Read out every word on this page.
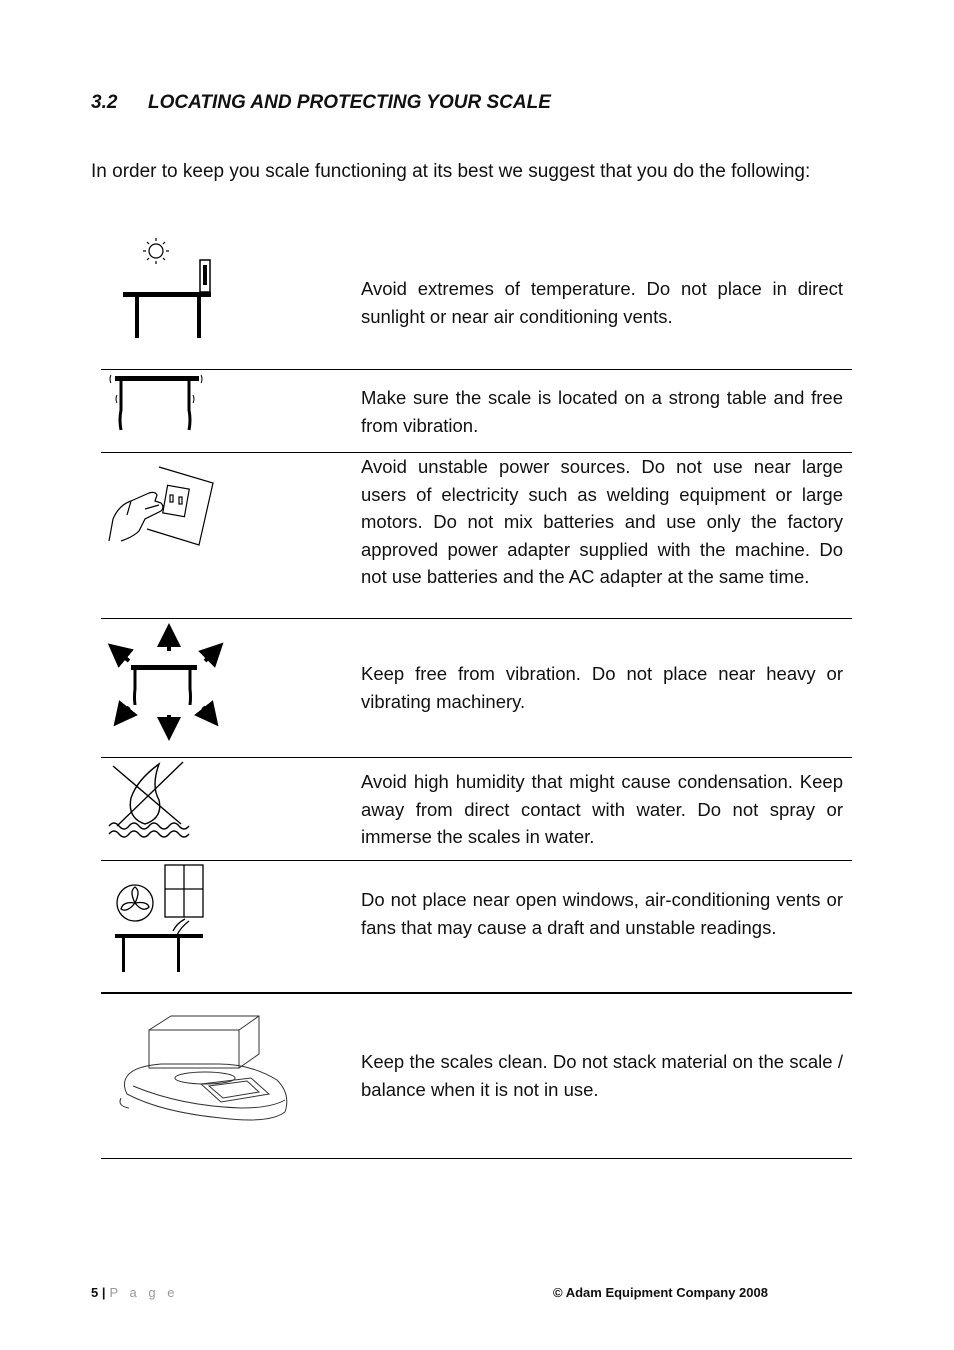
3.2 LOCATING AND PROTECTING YOUR SCALE
In order to keep you scale functioning at its best we suggest that you do the following:
Avoid extremes of temperature. Do not place in direct sunlight or near air conditioning vents.
Make sure the scale is located on a strong table and free from vibration.
Avoid unstable power sources. Do not use near large users of electricity such as welding equipment or large motors. Do not mix batteries and use only the factory approved power adapter supplied with the machine. Do not use batteries and the AC adapter at the same time.
Keep free from vibration. Do not place near heavy or vibrating machinery.
Avoid high humidity that might cause condensation. Keep away from direct contact with water. Do not spray or immerse the scales in water.
Do not place near open windows, air-conditioning vents or fans that may cause a draft and unstable readings.
Keep the scales clean. Do not stack material on the scale / balance when it is not in use.
5 | P a g e	© Adam Equipment Company 2008
